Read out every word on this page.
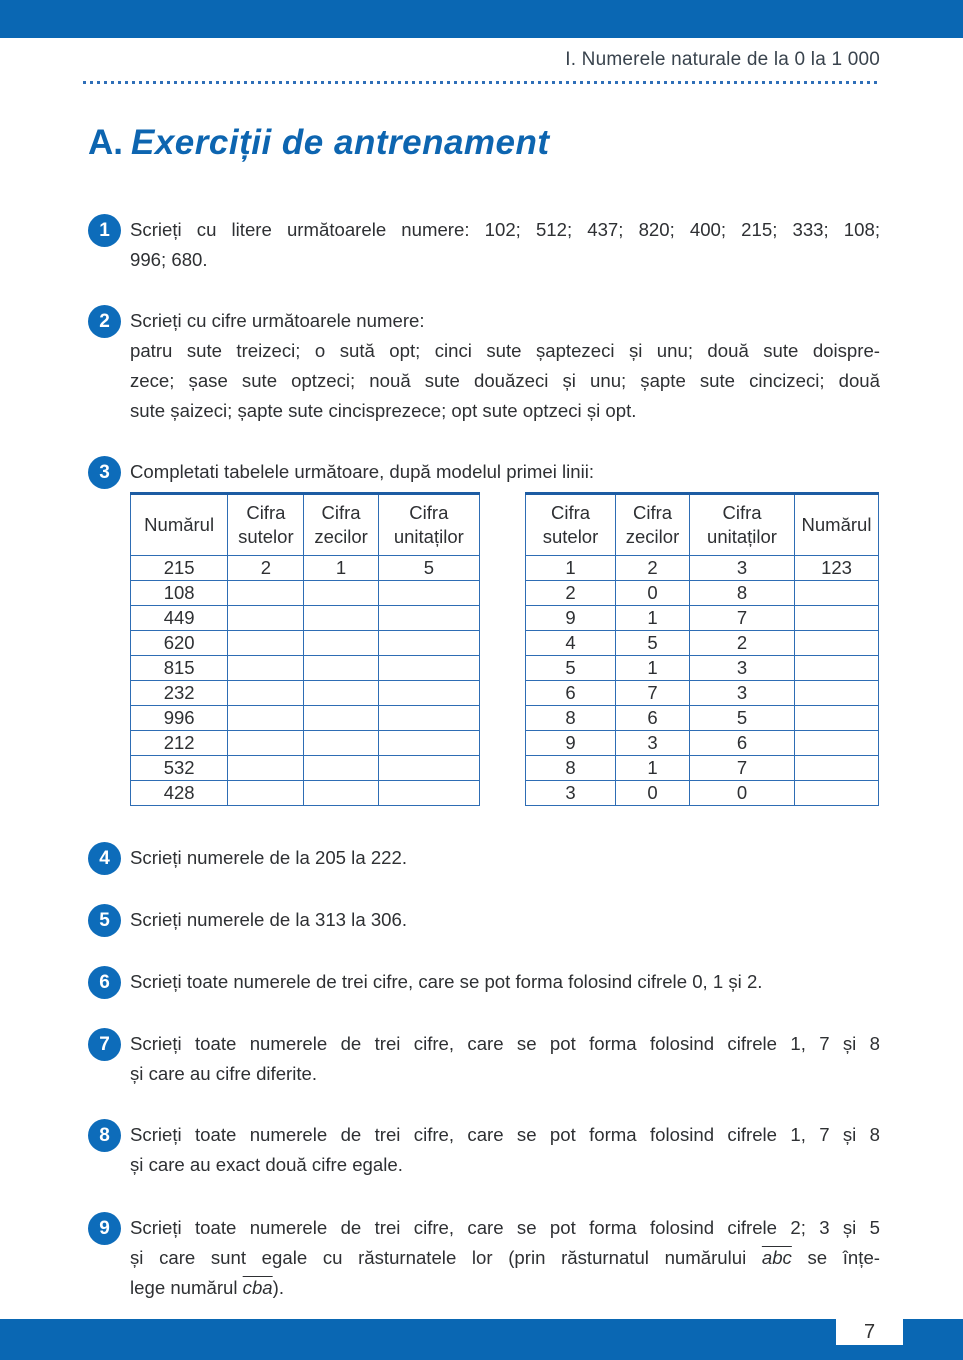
I. Numerele naturale de la 0 la 1 000
A. Exerciții de antrenament
1 Scrieți cu litere următoarele numere: 102; 512; 437; 820; 400; 215; 333; 108;
996; 680.
2 Scrieți cu cifre următoarele numere:
patru sute treizeci; o sută opt; cinci sute șaptezeci și unu; două sute doispre-
zece; șase sute optzeci; nouă sute douăzeci și unu; șapte sute cincizeci; două
sute șaizeci; șapte sute cincisprezece; opt sute optzeci și opt.
3 Completati tabelele următoare, după modelul primei linii:
Numărul	Cifra sutelor	Cifra zecilor	Cifra unitaților
215	2	1	5
108			
449			
620			
815			
232			
996			
212			
532			
428			
Cifra sutelor	Cifra zecilor	Cifra unitaților	Numărul
1	2	3	123
2	0	8	
9	1	7	
4	5	2	
5	1	3	
6	7	3	
8	6	5	
9	3	6	
8	1	7	
3	0	0	
4 Scrieți numerele de la 205 la 222.
5 Scrieți numerele de la 313 la 306.
6 Scrieți toate numerele de trei cifre, care se pot forma folosind cifrele 0, 1 și 2.
7 Scrieți toate numerele de trei cifre, care se pot forma folosind cifrele 1, 7 și 8
și care au cifre diferite.
8 Scrieți toate numerele de trei cifre, care se pot forma folosind cifrele 1, 7 și 8
și care au exact două cifre egale.
9 Scrieți toate numerele de trei cifre, care se pot forma folosind cifrele 2; 3 și 5
și care sunt egale cu răsturnatele lor (prin răsturnatul numărului $\overline{abc}$ se înțe-
lege numărul $\overline{cba}$).
7
